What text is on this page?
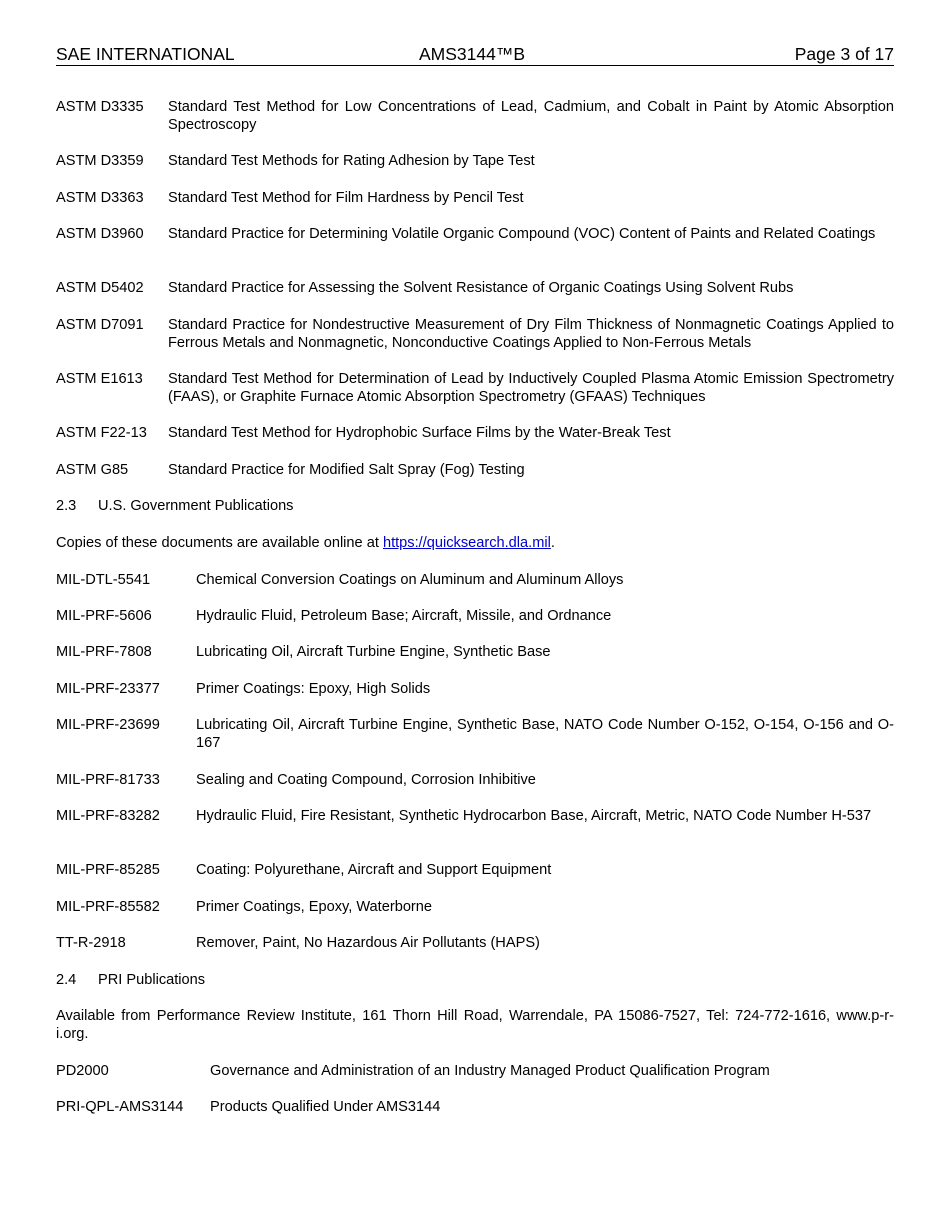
SAE INTERNATIONAL	AMS3144™B	Page 3 of 17
ASTM D3335	Standard Test Method for Low Concentrations of Lead, Cadmium, and Cobalt in Paint by Atomic Absorption Spectroscopy
ASTM D3359	Standard Test Methods for Rating Adhesion by Tape Test
ASTM D3363	Standard Test Method for Film Hardness by Pencil Test
ASTM D3960	Standard Practice for Determining Volatile Organic Compound (VOC) Content of Paints and Related Coatings
ASTM D5402	Standard Practice for Assessing the Solvent Resistance of Organic Coatings Using Solvent Rubs
ASTM D7091	Standard Practice for Nondestructive Measurement of Dry Film Thickness of Nonmagnetic Coatings Applied to Ferrous Metals and Nonmagnetic, Nonconductive Coatings Applied to Non-Ferrous Metals
ASTM E1613	Standard Test Method for Determination of Lead by Inductively Coupled Plasma Atomic Emission Spectrometry (FAAS), or Graphite Furnace Atomic Absorption Spectrometry (GFAAS) Techniques
ASTM F22-13	Standard Test Method for Hydrophobic Surface Films by the Water-Break Test
ASTM G85	Standard Practice for Modified Salt Spray (Fog) Testing
2.3 U.S. Government Publications
Copies of these documents are available online at https://quicksearch.dla.mil.
MIL-DTL-5541	Chemical Conversion Coatings on Aluminum and Aluminum Alloys
MIL-PRF-5606	Hydraulic Fluid, Petroleum Base; Aircraft, Missile, and Ordnance
MIL-PRF-7808	Lubricating Oil, Aircraft Turbine Engine, Synthetic Base
MIL-PRF-23377	Primer Coatings: Epoxy, High Solids
MIL-PRF-23699	Lubricating Oil, Aircraft Turbine Engine, Synthetic Base, NATO Code Number O-152, O-154, O-156 and O-167
MIL-PRF-81733	Sealing and Coating Compound, Corrosion Inhibitive
MIL-PRF-83282	Hydraulic Fluid, Fire Resistant, Synthetic Hydrocarbon Base, Aircraft, Metric, NATO Code Number H-537
MIL-PRF-85285	Coating: Polyurethane, Aircraft and Support Equipment
MIL-PRF-85582	Primer Coatings, Epoxy, Waterborne
TT-R-2918	Remover, Paint, No Hazardous Air Pollutants (HAPS)
2.4 PRI Publications
Available from Performance Review Institute, 161 Thorn Hill Road, Warrendale, PA 15086-7527, Tel: 724-772-1616, www.p-r-i.org.
PD2000	Governance and Administration of an Industry Managed Product Qualification Program
PRI-QPL-AMS3144	Products Qualified Under AMS3144
